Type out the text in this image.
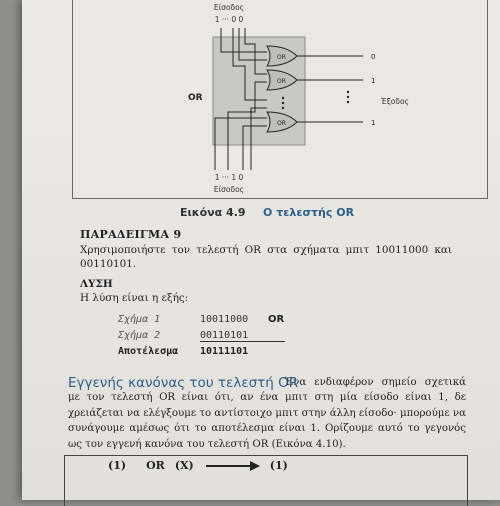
Είσοδος
1 ··· 0 0
OR
OR
OR
OR
0
1
1
Έξοδος
1 ··· 1 0
Είσοδος
Εικόνα 4.9 Ο τελεστής OR
ΠΑΡΑΔΕΙΓΜΑ 9
Χρησιμοποιήστε τον τελεστή OR στα σχήματα μπιτ 10011000 και 00110101.
ΛΥΣΗ
Η λύση είναι η εξής:
Σχήμα 1	10011000 OR
Σχήμα 2	00110101
Αποτέλεσμα 10111101
Ένα ενδιαφέρον σημείο σχετικά με τον τελεστή OR είναι ότι, αν ένα μπιτ στη μία είσοδο είναι 1, δε χρειάζεται να ελέγξουμε το αντίστοιχο μπιτ στην άλλη είσοδο· μπορούμε να συνάγουμε αμέσως ότι το αποτέλεσμα είναι 1. Ορίζουμε αυτό το γεγονός ως τον εγγενή κανόνα του τελεστή OR (Εικόνα 4.10).
Εγγενής κανόνας του τελεστή OR
(1) OR (X)	(1)
